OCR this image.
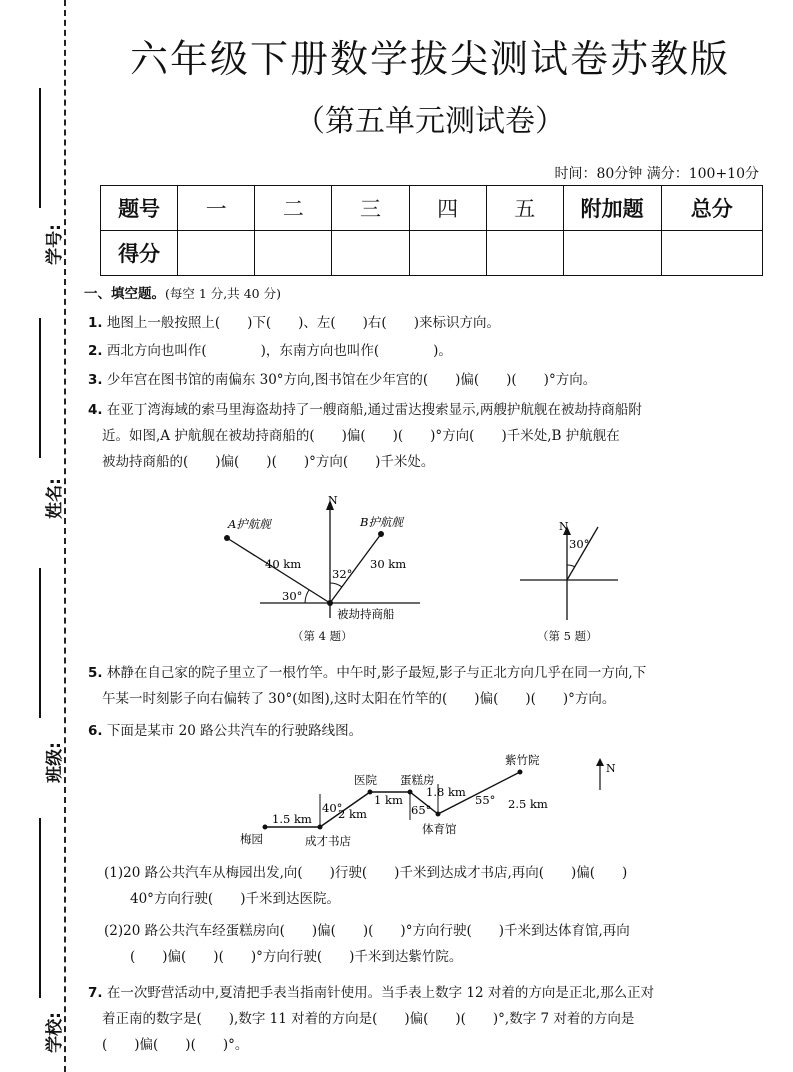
学号:
姓名:
班级:
学校:
六年级下册数学拔尖测试卷苏教版
（第五单元测试卷）
时间：80分钟 满分：100+10分
题号	一	二	三	四	五	附加题	总分
得分							
一、填空题。(每空 1 分,共 40 分)
1. 地图上一般按照上(　　)下(　　)、左(　　)右(　　)来标识方向。
2. 西北方向也叫作(　　　　)，东南方向也叫作(　　　　)。
3. 少年宫在图书馆的南偏东 30°方向,图书馆在少年宫的(　　)偏(　　)(　　)°方向。
4. 在亚丁湾海域的索马里海盗劫持了一艘商船,通过雷达搜索显示,两艘护航舰在被劫持商船附
近。如图,A 护航舰在被劫持商船的(　　)偏(　　)(　　)°方向(　　)千米处,B 护航舰在
被劫持商船的(　　)偏(　　)(　　)°方向(　　)千米处。
N
A护航舰	B护航舰
40 km	30 km
32°
30°
被劫持商船
（第 4 题）
N
30°
（第 5 题）
5. 林静在自己家的院子里立了一根竹竿。中午时,影子最短,影子与正北方向几乎在同一方向,下
午某一时刻影子向右偏转了 30°(如图),这时太阳在竹竿的(　　)偏(　　)(　　)°方向。
6. 下面是某市 20 路公共汽车的行驶路线图。
N
梅园	成才书店
医院 蛋糕房
体育馆
紫竹院
1.5 km 2 km
1 km
1.8 km
2.5 km
40°	65°
55°
(1)20 路公共汽车从梅园出发,向(　　)行驶(　　)千米到达成才书店,再向(　　)偏(　　)
40°方向行驶(　　)千米到达医院。
(2)20 路公共汽车经蛋糕房向(　　)偏(　　)(　　)°方向行驶(　　)千米到达体育馆,再向
(　　)偏(　　)(　　)°方向行驶(　　)千米到达紫竹院。
7. 在一次野营活动中,夏清把手表当指南针使用。当手表上数字 12 对着的方向是正北,那么正对
着正南的数字是(　　),数字 11 对着的方向是(　　)偏(　　)(　　)°,数字 7 对着的方向是
(　　)偏(　　)(　　)°。
